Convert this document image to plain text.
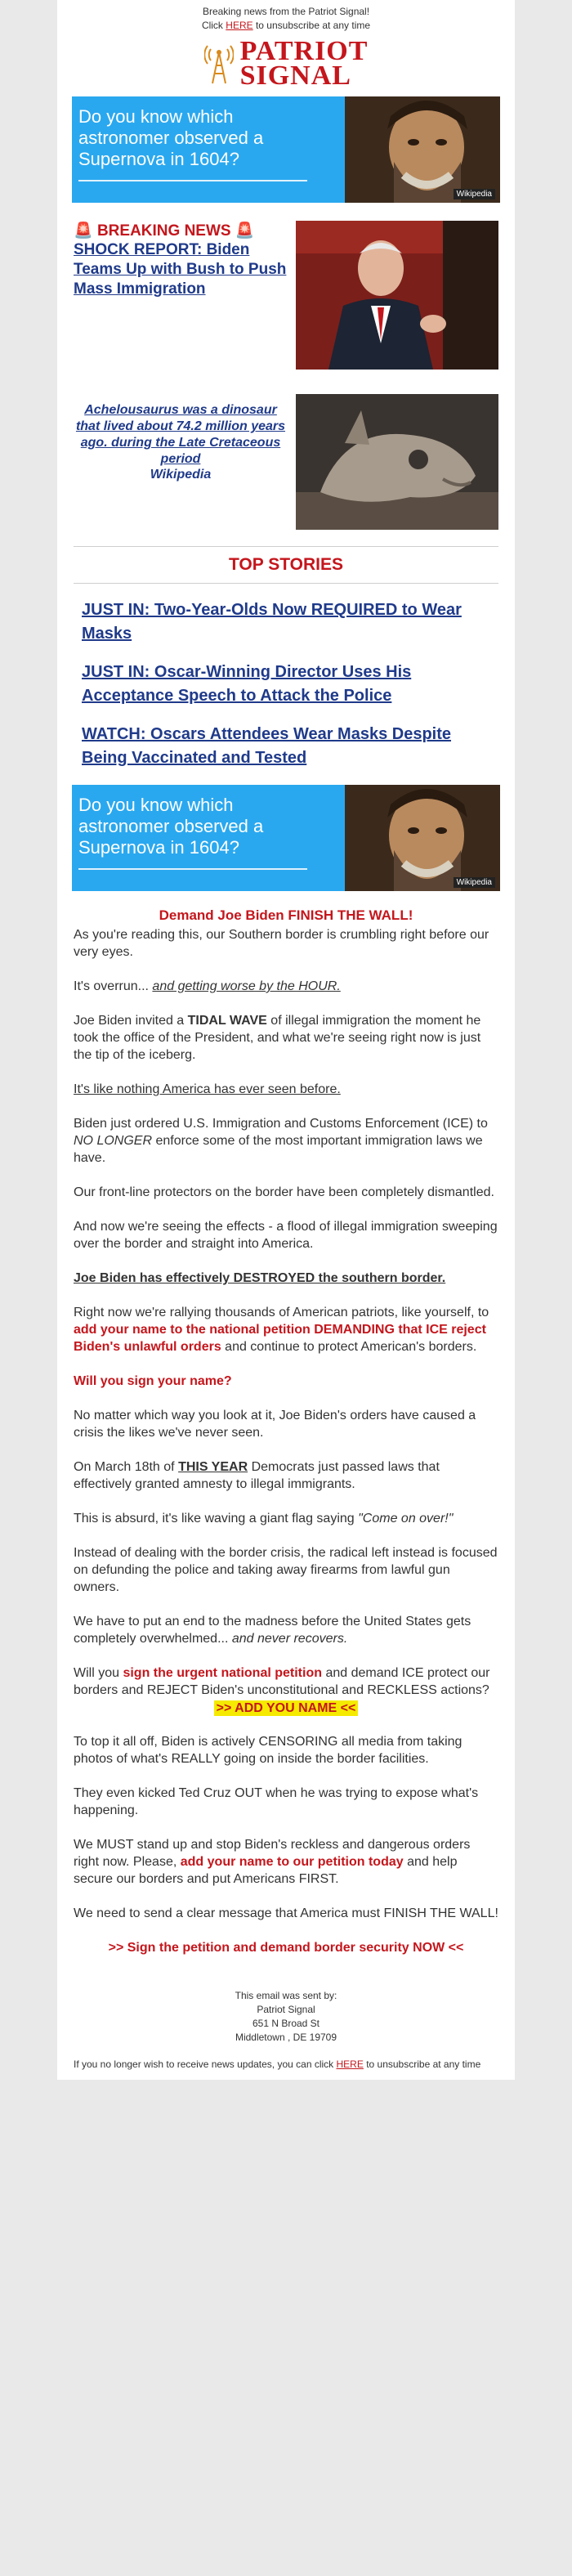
Breaking news from the Patriot Signal!
Click HERE to unsubscribe at any time
PATRIOT
SIGNAL
Do you know which astronomer observed a Supernova in 1604?
Wikipedia
🚨 BREAKING NEWS 🚨
SHOCK REPORT: Biden Teams Up with Bush to Push Mass Immigration
Achelousaurus was a dinosaur that lived about 74.2 million years ago. during the Late Cretaceous period
Wikipedia
TOP STORIES
JUST IN: Two-Year-Olds Now REQUIRED to Wear Masks
JUST IN: Oscar-Winning Director Uses His Acceptance Speech to Attack the Police
WATCH: Oscars Attendees Wear Masks Despite Being Vaccinated and Tested
Do you know which astronomer observed a Supernova in 1604?
Wikipedia
Demand Joe Biden FINISH THE WALL!

As you're reading this, our Southern border is crumbling right before our very eyes.

It's overrun... and getting worse by the HOUR.

Joe Biden invited a TIDAL WAVE of illegal immigration the moment he took the office of the President, and what we're seeing right now is just the tip of the iceberg.

It's like nothing America has ever seen before.

Biden just ordered U.S. Immigration and Customs Enforcement (ICE) to NO LONGER enforce some of the most important immigration laws we have.

Our front-line protectors on the border have been completely dismantled.

And now we're seeing the effects - a flood of illegal immigration sweeping over the border and straight into America.

Joe Biden has effectively DESTROYED the southern border.

Right now we're rallying thousands of American patriots, like yourself, to add your name to the national petition DEMANDING that ICE reject Biden's unlawful orders and continue to protect American's borders.

Will you sign your name?

No matter which way you look at it, Joe Biden's orders have caused a crisis the likes we've never seen.

On March 18th of THIS YEAR Democrats just passed laws that effectively granted amnesty to illegal immigrants.

This is absurd, it's like waving a giant flag saying "Come on over!"

Instead of dealing with the border crisis, the radical left instead is focused on defunding the police and taking away firearms from lawful gun owners.

We have to put an end to the madness before the United States gets completely overwhelmed... and never recovers.

Will you sign the urgent national petition and demand ICE protect our borders and REJECT Biden's unconstitutional and RECKLESS actions?

>> ADD YOU NAME <<

To top it all off, Biden is actively CENSORING all media from taking photos of what's REALLY going on inside the border facilities.

They even kicked Ted Cruz OUT when he was trying to expose what's happening.

We MUST stand up and stop Biden's reckless and dangerous orders right now. Please, add your name to our petition today and help secure our borders and put Americans FIRST.

We need to send a clear message that America must FINISH THE WALL!

>> Sign the petition and demand border security NOW <<
This email was sent by:
Patriot Signal
651 N Broad St
Middletown , DE 19709
If you no longer wish to receive news updates, you can click HERE to unsubscribe at any time
